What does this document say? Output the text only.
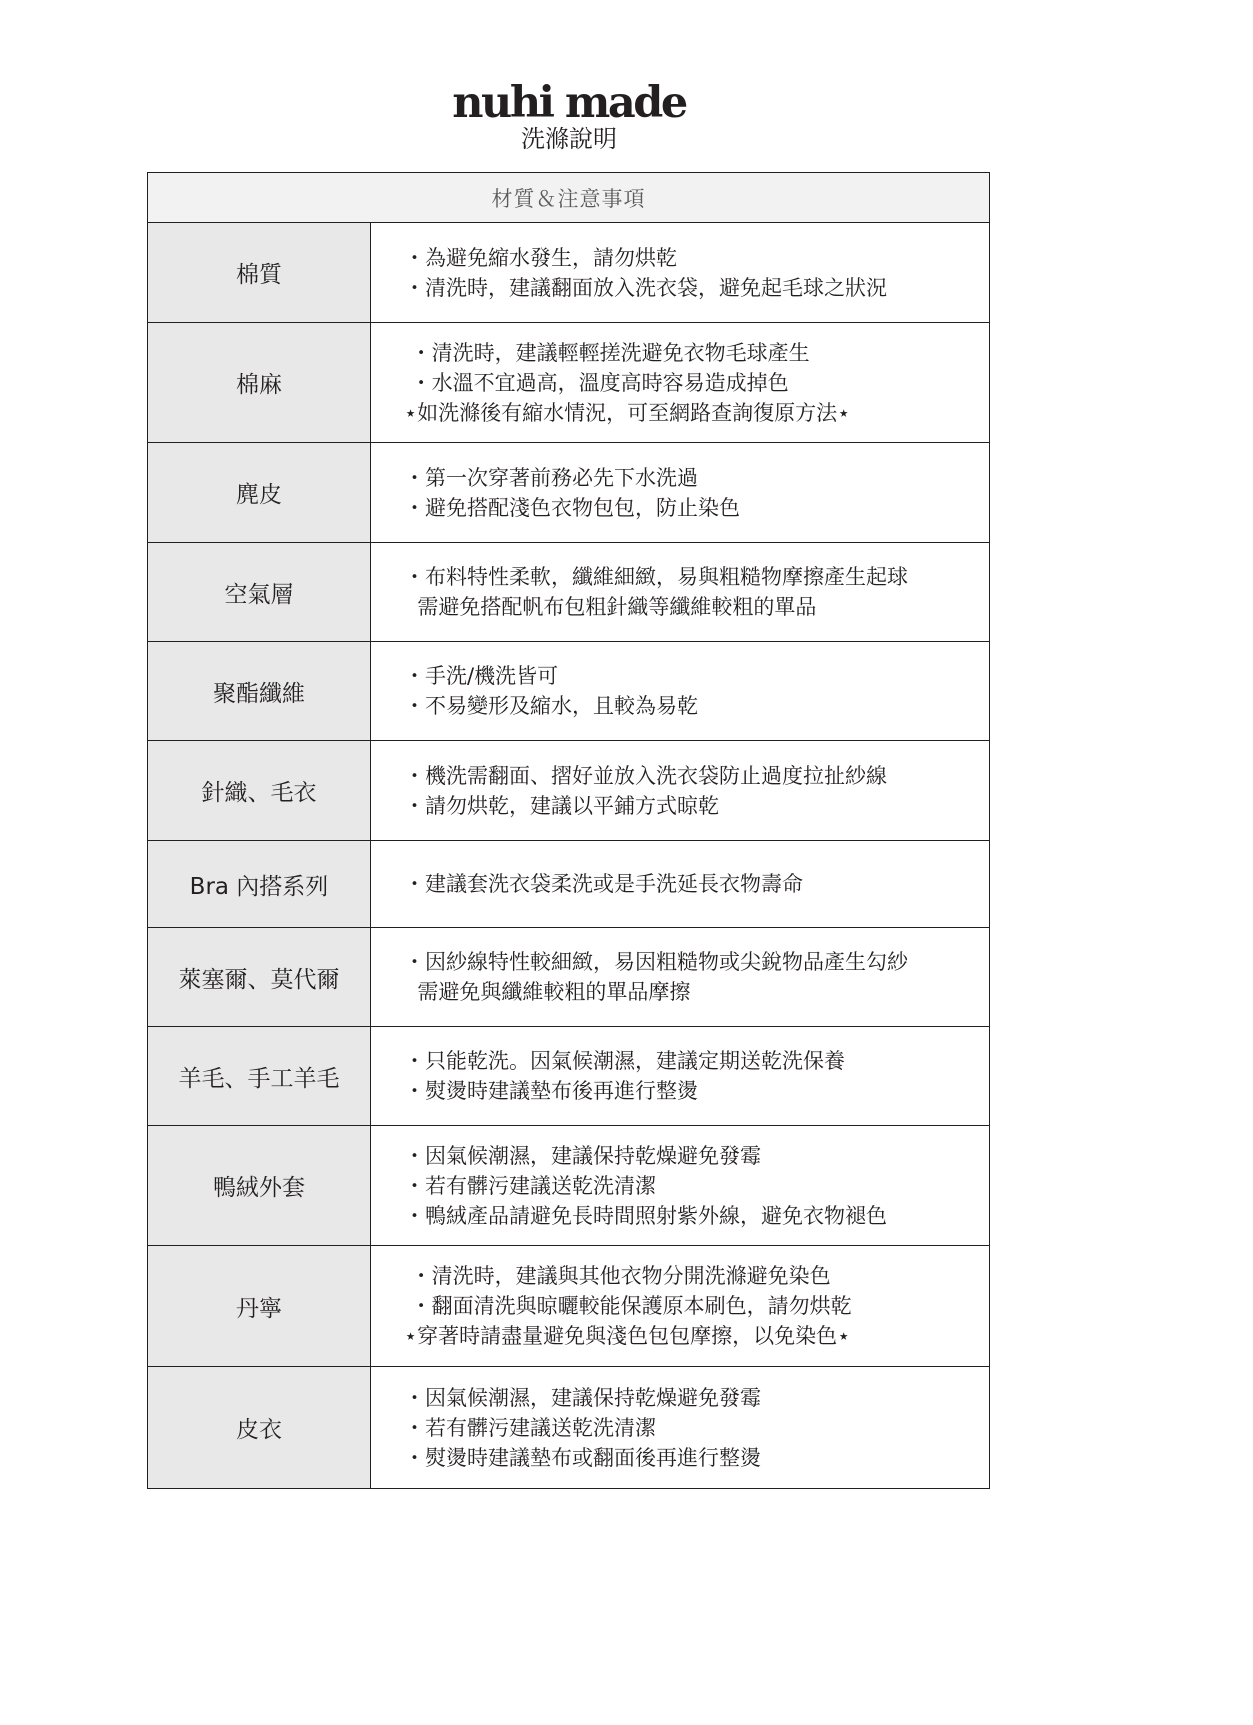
nuhi made
洗滌說明
材質＆注意事項
棉質
・為避免縮水發生，請勿烘乾
・清洗時，建議翻面放入洗衣袋，避免起毛球之狀況
棉麻
・清洗時，建議輕輕搓洗避免衣物毛球產生
・水溫不宜過高，溫度高時容易造成掉色
⋆如洗滌後有縮水情況，可至網路查詢復原方法⋆
麂皮
・第一次穿著前務必先下水洗過
・避免搭配淺色衣物包包，防止染色
空氣層
・布料特性柔軟，纖維細緻，易與粗糙物摩擦產生起球
需避免搭配帆布包粗針織等纖維較粗的單品
聚酯纖維
・手洗/機洗皆可
・不易變形及縮水，且較為易乾
針織、毛衣
・機洗需翻面、摺好並放入洗衣袋防止過度拉扯紗線
・請勿烘乾，建議以平鋪方式晾乾
Bra 內搭系列	・建議套洗衣袋柔洗或是手洗延長衣物壽命
萊塞爾、莫代爾
・因紗線特性較細緻，易因粗糙物或尖銳物品產生勾紗
需避免與纖維較粗的單品摩擦
羊毛、手工羊毛
・只能乾洗。因氣候潮濕，建議定期送乾洗保養
・熨燙時建議墊布後再進行整燙
鴨絨外套
・因氣候潮濕，建議保持乾燥避免發霉
・若有髒污建議送乾洗清潔
・鴨絨產品請避免長時間照射紫外線，避免衣物褪色
丹寧
・清洗時，建議與其他衣物分開洗滌避免染色
・翻面清洗與晾曬較能保護原本刷色，請勿烘乾
⋆穿著時請盡量避免與淺色包包摩擦，以免染色⋆
皮衣
・因氣候潮濕，建議保持乾燥避免發霉
・若有髒污建議送乾洗清潔
・熨燙時建議墊布或翻面後再進行整燙
